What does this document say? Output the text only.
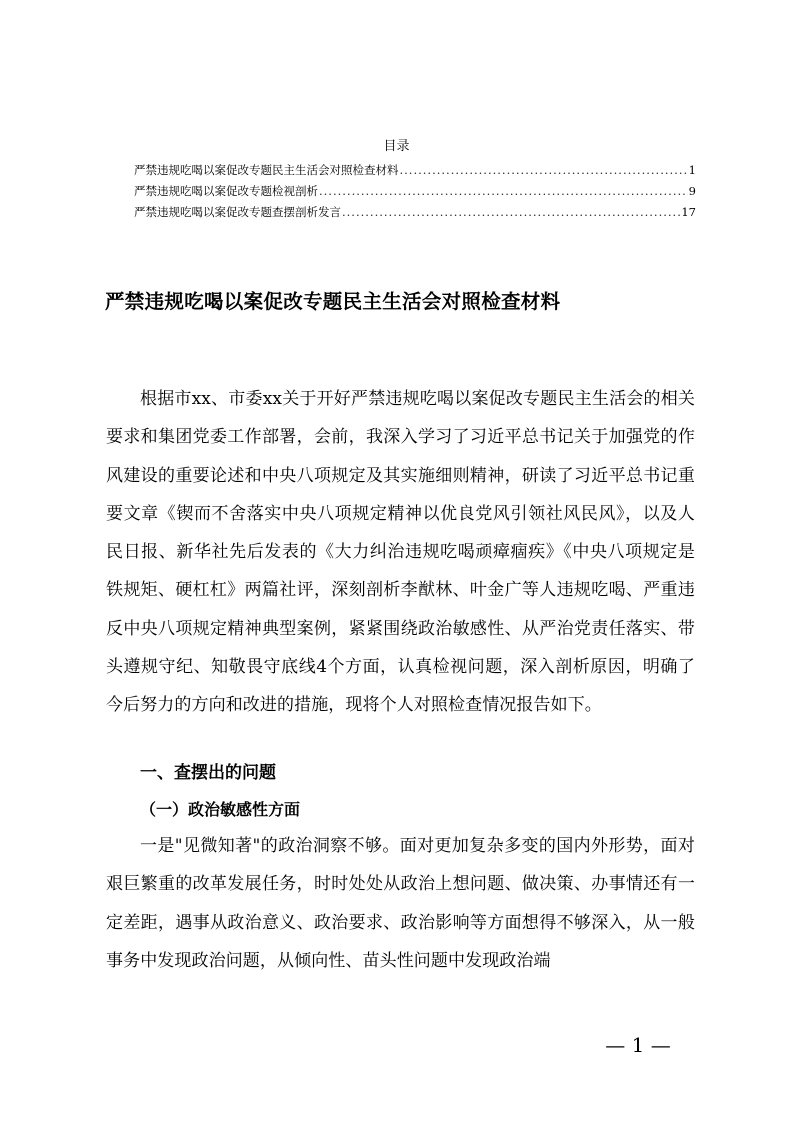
目录
严禁违规吃喝以案促改专题民主生活会对照检查材料 .....	1
严禁违规吃喝以案促改专题检视剖析 .....	9
严禁违规吃喝以案促改专题查摆剖析发言 .....	17
严禁违规吃喝以案促改专题民主生活会对照检查材料

根据市xx、市委xx关于开好严禁违规吃喝以案促改专题民主生活会的相关要求和集团党委工作部署，会前，我深入学习了习近平总书记关于加强党的作风建设的重要论述和中央八项规定及其实施细则精神，研读了习近平总书记重要文章《锲而不舍落实中央八项规定精神以优良党风引领社风民风》，以及人民日报、新华社先后发表的《大力纠治违规吃喝顽瘴痼疾》《中央八项规定是铁规矩、硬杠杠》两篇社评，深刻剖析李猷林、叶金广等人违规吃喝、严重违反中央八项规定精神典型案例，紧紧围绕政治敏感性、从严治党责任落实、带头遵规守纪、知敬畏守底线4个方面，认真检视问题，深入剖析原因，明确了今后努力的方向和改进的措施，现将个人对照检查情况报告如下。

一、查摆出的问题
（一）政治敏感性方面

一是"见微知著"的政治洞察不够。面对更加复杂多变的国内外形势，面对艰巨繁重的改革发展任务，时时处处从政治上想问题、做决策、办事情还有一定差距，遇事从政治意义、政治要求、政治影响等方面想得不够深入，从一般事务中发现政治问题，从倾向性、苗头性问题中发现政治端

— 1 —
